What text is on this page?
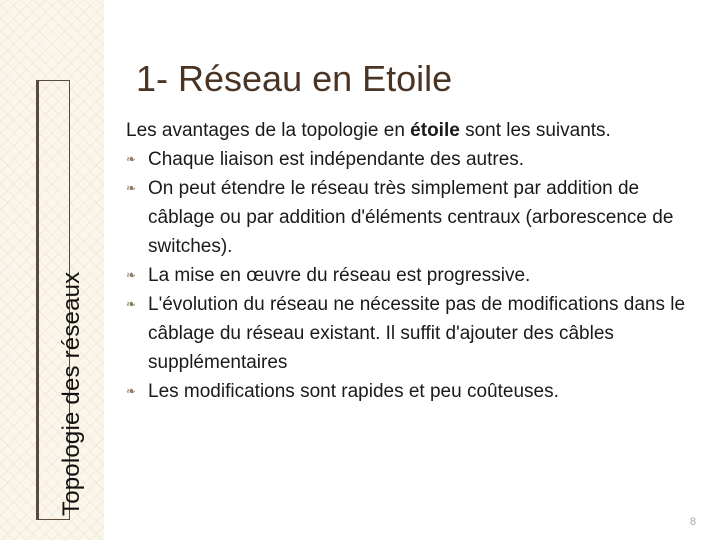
Topologie des réseaux
1- Réseau en Etoile

Les avantages de la topologie en étoile sont les suivants.

❧ Chaque liaison est indépendante des autres.
❧ On peut étendre le réseau très simplement par addition de câblage ou par addition d'éléments centraux (arborescence de switches).
❧ La mise en œuvre du réseau est progressive.
❧ L'évolution du réseau ne nécessite pas de modifications dans le câblage du réseau existant. Il suffit d'ajouter des câbles supplémentaires
❧ Les modifications sont rapides et peu coûteuses.
8
